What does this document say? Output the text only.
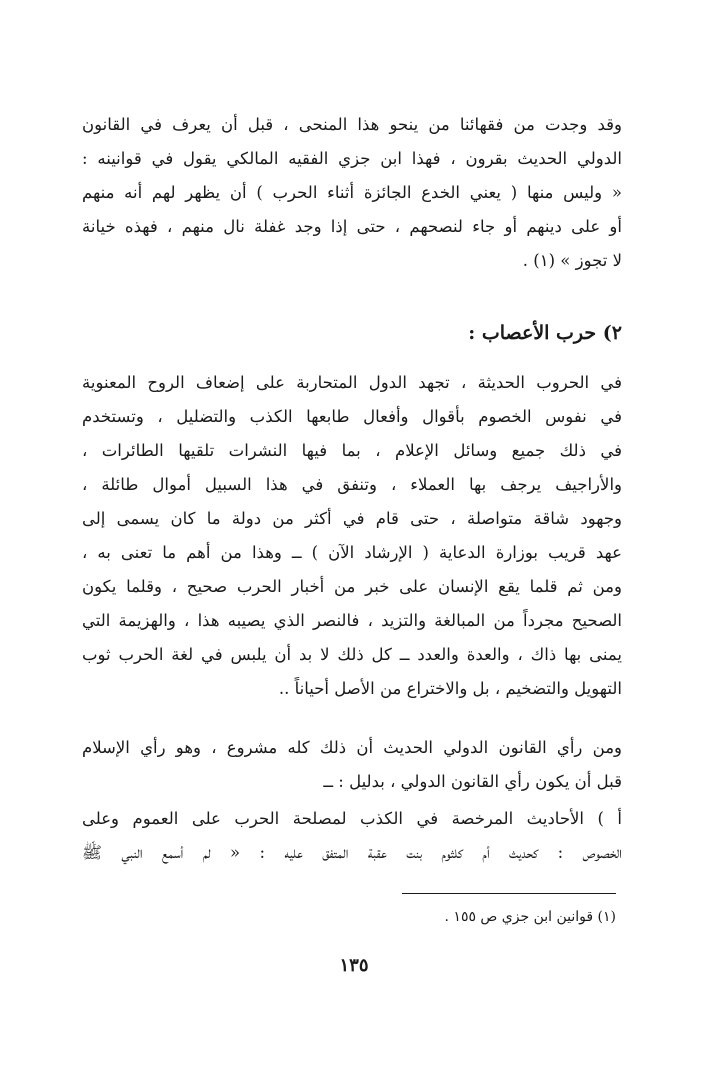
وقد وجدت من فقهائنا من ينحو هذا المنحى ، قبل أن يعرف في القانون
الدولي الحديث بقرون ، فهذا ابن جزي الفقيه المالكي يقول في قوانينه :
« وليس منها ( يعني الخدع الجائزة أثناء الحرب ) أن يظهر لهم أنه منهم
أو على دينهم أو جاء لنصحهم ، حتى إذا وجد غفلة نال منهم ، فهذه خيانة
لا تجوز » (١) .
٢) حرب الأعصاب :
في الحروب الحديثة ، تجهد الدول المتحاربة على إضعاف الروح المعنوية
في نفوس الخصوم بأقوال وأفعال طابعها الكذب والتضليل ، وتستخدم
في ذلك جميع وسائل الإعلام ، بما فيها النشرات تلقيها الطائرات ،
والأراجيف يرجف بها العملاء ، وتنفق في هذا السبيل أموال طائلة ،
وجهود شاقة متواصلة ، حتى قام في أكثر من دولة ما كان يسمى إلى
عهد قريب بوزارة الدعاية ( الإرشاد الآن ) ــ وهذا من أهم ما تعنى به ،
ومن ثم قلما يقع الإنسان على خبر من أخبار الحرب صحيح ، وقلما يكون
الصحيح مجرداً من المبالغة والتزيد ، فالنصر الذي يصيبه هذا ، والهزيمة التي
يمنى بها ذاك ، والعدة والعدد ــ كل ذلك لا بد أن يلبس في لغة الحرب ثوب
التهويل والتضخيم ، بل والاختراع من الأصل أحياناً ..
ومن رأي القانون الدولي الحديث أن ذلك كله مشروع ، وهو رأي الإسلام
قبل أن يكون رأي القانون الدولي ، بدليل : ــ
أ ) الأحاديث المرخصة في الكذب لمصلحة الحرب على العموم وعلى
الخصوص : كحديث أم كلثوم بنت عقبة المتفق عليه : « لم أسمع النبي ﷺ
(١) قوانين ابن جزي ص ١٥٥ .
١٣٥
